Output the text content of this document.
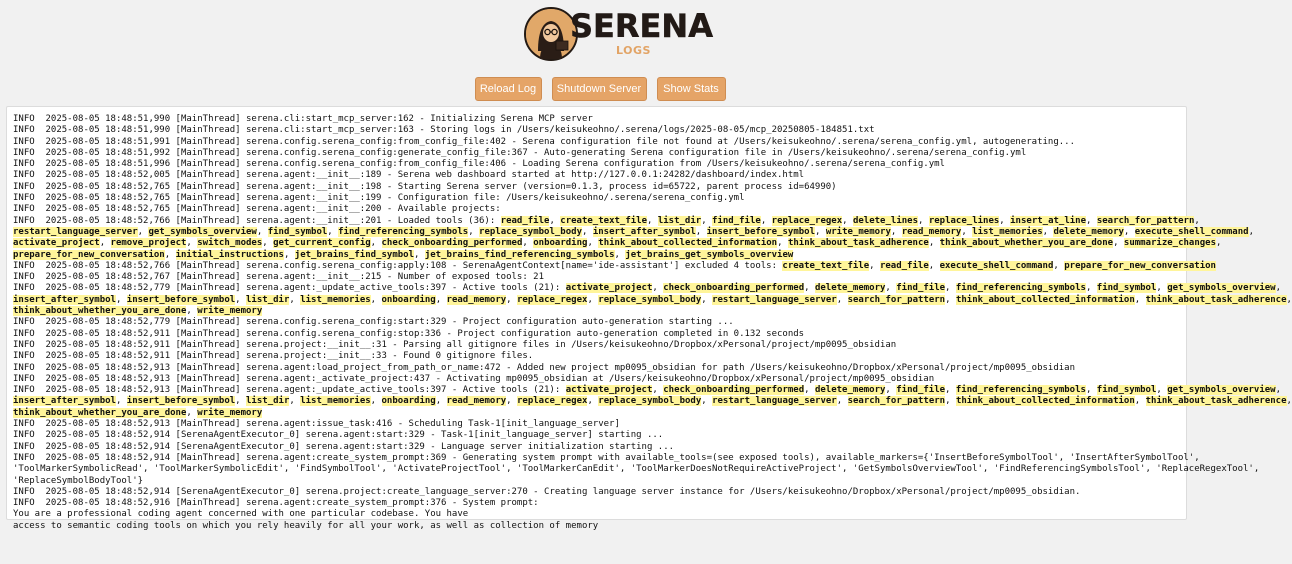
SERENA
LOGS
Reload Log	Shutdown Server	Show Stats
INFO  2025-08-05 18:48:51,990 [MainThread] serena.cli:start_mcp_server:162 - Initializing Serena MCP server
INFO  2025-08-05 18:48:51,990 [MainThread] serena.cli:start_mcp_server:163 - Storing logs in /Users/keisukeohno/.serena/logs/2025-08-05/mcp_20250805-184851.txt
INFO  2025-08-05 18:48:51,991 [MainThread] serena.config.serena_config:from_config_file:402 - Serena configuration file not found at /Users/keisukeohno/.serena/serena_config.yml, autogenerating...
INFO  2025-08-05 18:48:51,992 [MainThread] serena.config.serena_config:generate_config_file:367 - Auto-generating Serena configuration file in /Users/keisukeohno/.serena/serena_config.yml
INFO  2025-08-05 18:48:51,996 [MainThread] serena.config.serena_config:from_config_file:406 - Loading Serena configuration from /Users/keisukeohno/.serena/serena_config.yml
INFO  2025-08-05 18:48:52,005 [MainThread] serena.agent:__init__:189 - Serena web dashboard started at http://127.0.0.1:24282/dashboard/index.html
INFO  2025-08-05 18:48:52,765 [MainThread] serena.agent:__init__:198 - Starting Serena server (version=0.1.3, process id=65722, parent process id=64990)
INFO  2025-08-05 18:48:52,765 [MainThread] serena.agent:__init__:199 - Configuration file: /Users/keisukeohno/.serena/serena_config.yml
INFO  2025-08-05 18:48:52,765 [MainThread] serena.agent:__init__:200 - Available projects:
INFO  2025-08-05 18:48:52,766 [MainThread] serena.agent:__init__:201 - Loaded tools (36): read_file, create_text_file, list_dir, find_file, replace_regex, delete_lines, replace_lines, insert_at_line, search_for_pattern,
restart_language_server, get_symbols_overview, find_symbol, find_referencing_symbols, replace_symbol_body, insert_after_symbol, insert_before_symbol, write_memory, read_memory, list_memories, delete_memory, execute_shell_command,
activate_project, remove_project, switch_modes, get_current_config, check_onboarding_performed, onboarding, think_about_collected_information, think_about_task_adherence, think_about_whether_you_are_done, summarize_changes,
prepare_for_new_conversation, initial_instructions, jet_brains_find_symbol, jet_brains_find_referencing_symbols, jet_brains_get_symbols_overview
INFO  2025-08-05 18:48:52,766 [MainThread] serena.config.serena_config:apply:108 - SerenaAgentContext[name='ide-assistant'] excluded 4 tools: create_text_file, read_file, execute_shell_command, prepare_for_new_conversation
INFO  2025-08-05 18:48:52,767 [MainThread] serena.agent:__init__:215 - Number of exposed tools: 21
INFO  2025-08-05 18:48:52,779 [MainThread] serena.agent:_update_active_tools:397 - Active tools (21): activate_project, check_onboarding_performed, delete_memory, find_file, find_referencing_symbols, find_symbol, get_symbols_overview,
insert_after_symbol, insert_before_symbol, list_dir, list_memories, onboarding, read_memory, replace_regex, replace_symbol_body, restart_language_server, search_for_pattern, think_about_collected_information, think_about_task_adherence,
think_about_whether_you_are_done, write_memory
INFO  2025-08-05 18:48:52,779 [MainThread] serena.config.serena_config:start:329 - Project configuration auto-generation starting ...
INFO  2025-08-05 18:48:52,911 [MainThread] serena.config.serena_config:stop:336 - Project configuration auto-generation completed in 0.132 seconds
INFO  2025-08-05 18:48:52,911 [MainThread] serena.project:__init__:31 - Parsing all gitignore files in /Users/keisukeohno/Dropbox/xPersonal/project/mp0095_obsidian
INFO  2025-08-05 18:48:52,911 [MainThread] serena.project:__init__:33 - Found 0 gitignore files.
INFO  2025-08-05 18:48:52,913 [MainThread] serena.agent:load_project_from_path_or_name:472 - Added new project mp0095_obsidian for path /Users/keisukeohno/Dropbox/xPersonal/project/mp0095_obsidian
INFO  2025-08-05 18:48:52,913 [MainThread] serena.agent:_activate_project:437 - Activating mp0095_obsidian at /Users/keisukeohno/Dropbox/xPersonal/project/mp0095_obsidian
INFO  2025-08-05 18:48:52,913 [MainThread] serena.agent:_update_active_tools:397 - Active tools (21): activate_project, check_onboarding_performed, delete_memory, find_file, find_referencing_symbols, find_symbol, get_symbols_overview,
insert_after_symbol, insert_before_symbol, list_dir, list_memories, onboarding, read_memory, replace_regex, replace_symbol_body, restart_language_server, search_for_pattern, think_about_collected_information, think_about_task_adherence,
think_about_whether_you_are_done, write_memory
INFO  2025-08-05 18:48:52,913 [MainThread] serena.agent:issue_task:416 - Scheduling Task-1[init_language_server]
INFO  2025-08-05 18:48:52,914 [SerenaAgentExecutor_0] serena.agent:start:329 - Task-1[init_language_server] starting ...
INFO  2025-08-05 18:48:52,914 [SerenaAgentExecutor_0] serena.agent:start:329 - Language server initialization starting ...
INFO  2025-08-05 18:48:52,914 [MainThread] serena.agent:create_system_prompt:369 - Generating system prompt with available_tools=(see exposed tools), available_markers={'InsertBeforeSymbolTool', 'InsertAfterSymbolTool',
'ToolMarkerSymbolicRead', 'ToolMarkerSymbolicEdit', 'FindSymbolTool', 'ActivateProjectTool', 'ToolMarkerCanEdit', 'ToolMarkerDoesNotRequireActiveProject', 'GetSymbolsOverviewTool', 'FindReferencingSymbolsTool', 'ReplaceRegexTool',
'ReplaceSymbolBodyTool'}
INFO  2025-08-05 18:48:52,914 [SerenaAgentExecutor_0] serena.project:create_language_server:270 - Creating language server instance for /Users/keisukeohno/Dropbox/xPersonal/project/mp0095_obsidian.
INFO  2025-08-05 18:48:52,916 [MainThread] serena.agent:create_system_prompt:376 - System prompt:
You are a professional coding agent concerned with one particular codebase. You have
access to semantic coding tools on which you rely heavily for all your work, as well as collection of memory
